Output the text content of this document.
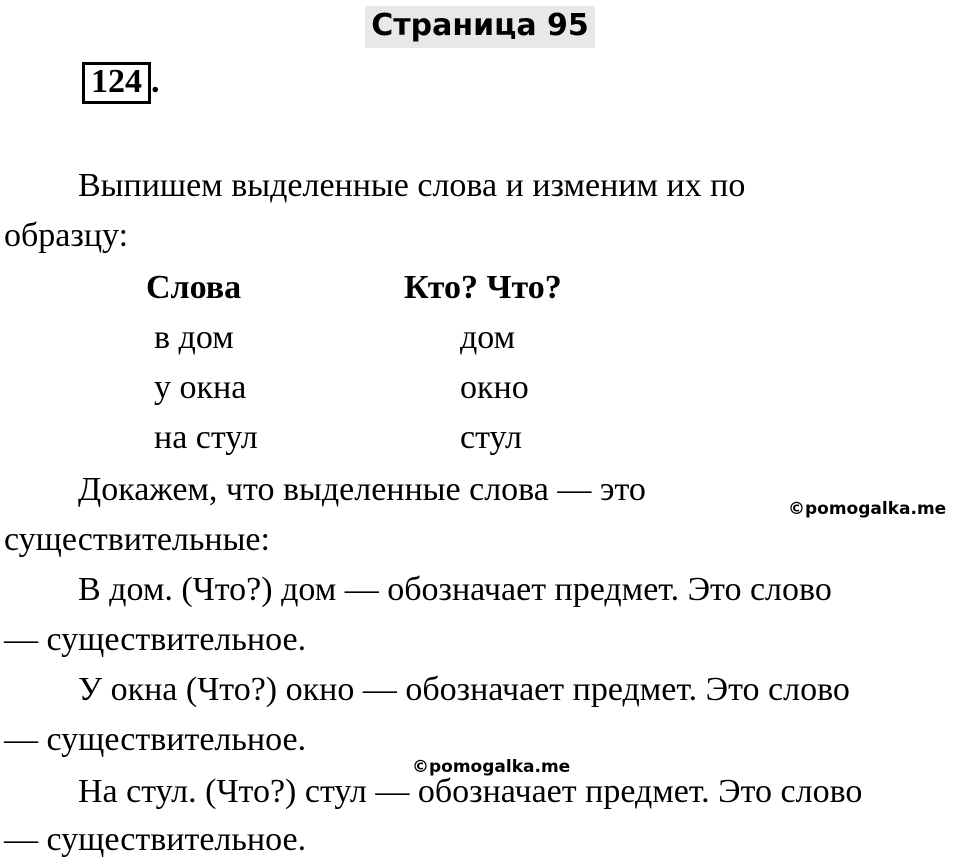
Страница 95
124 .
Выпишем выделенные слова и изменим их по
образцу:
Слова	Кто? Что?
в дом	дом
у окна	окно
на стул	стул
Докажем, что выделенные слова — это
©pomogalka.me
существительные:
В дом. (Что?) дом — обозначает предмет. Это слово
— существительное.
У окна (Что?) окно — обозначает предмет. Это слово
— существительное.
©pomogalka.me
На стул. (Что?) стул — обозначает предмет. Это слово
— существительное.
